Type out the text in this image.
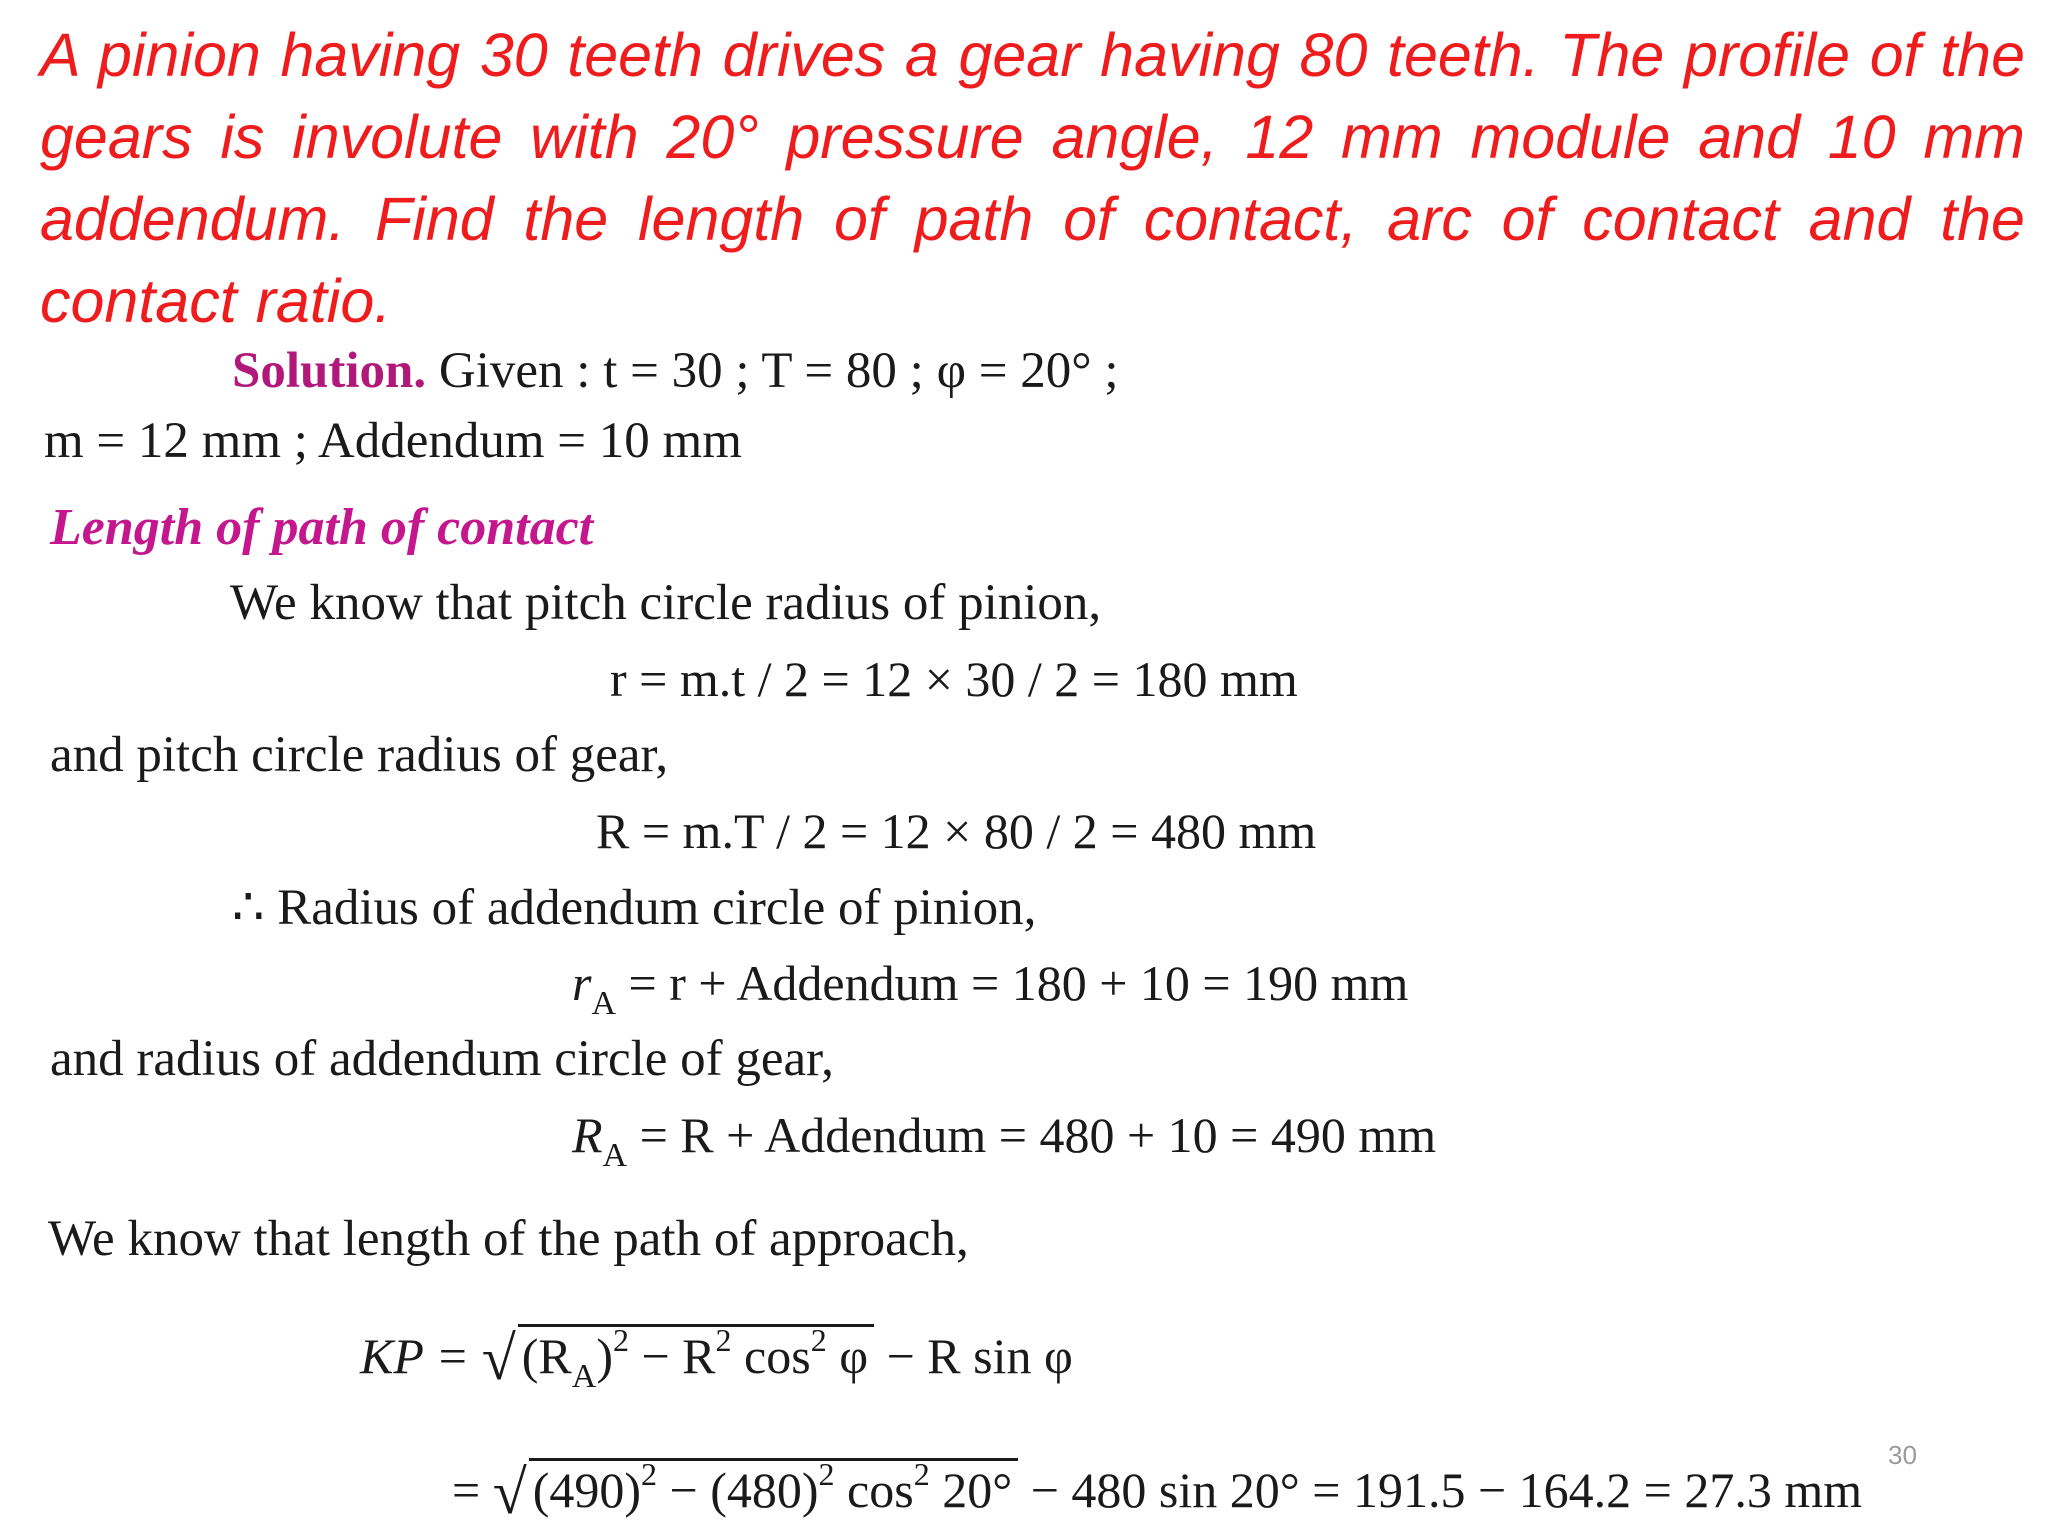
A pinion having 30 teeth drives a gear having 80 teeth. The profile of the gears is involute with 20° pressure angle, 12 mm module and 10 mm addendum. Find the length of path of contact, arc of contact and the contact ratio.
Solution. Given : t = 30 ; T = 80 ; φ = 20° ;
m = 12 mm ; Addendum = 10 mm
Length of path of contact
We know that pitch circle radius of pinion,
r = m.t / 2 = 12 × 30 / 2 = 180 mm
and pitch circle radius of gear,
R = m.T / 2 = 12 × 80 / 2 = 480 mm
∴ Radius of addendum circle of pinion,
$r_A = r$ + Addendum = 180 + 10 = 190 mm
and radius of addendum circle of gear,
$R_A = R$ + Addendum = 480 + 10 = 490 mm
We know that length of the path of approach,
KP = √ $(R_A)^2 - R^2$ $\cos^2 \varphi - R$ sin φ
= √ $(490)^2 - (480)^2$ $\cos^2 20^\circ - 480$ sin 20° = 191.5 − 164.2 = 27.3 mm
30
